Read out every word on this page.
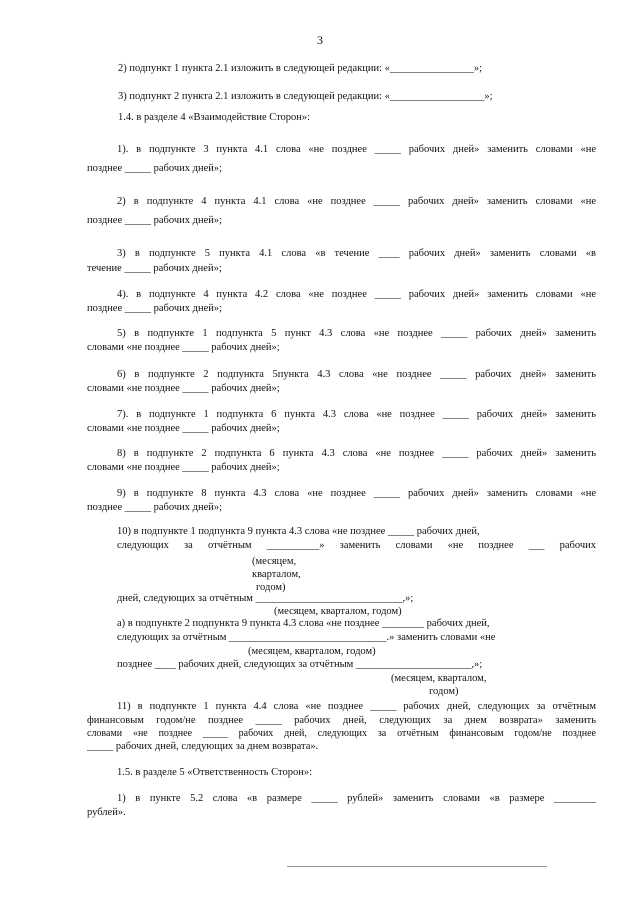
3
2) подпункт 1 пункта 2.1 изложить в следующей редакции: «________________»;
3) подпункт 2 пункта 2.1 изложить в следующей редакции: «__________________»;
1.4. в разделе 4 «Взаимодействие Сторон»:
1). в подпункте 3 пункта 4.1 слова «не позднее _____ рабочих дней» заменить словами «не
позднее _____ рабочих дней»;
2) в подпункте 4 пункта 4.1 слова «не позднее _____ рабочих дней» заменить словами «не
позднее _____ рабочих дней»;
3) в подпункте 5 пункта 4.1 слова «в течение ____ рабочих дней» заменить словами «в
течение _____ рабочих дней»;
4). в подпункте 4 пункта 4.2 слова «не позднее _____ рабочих дней» заменить словами «не
позднее _____ рабочих дней»;
5) в подпункте 1 подпункта 5 пункт 4.3 слова «не позднее _____ рабочих дней» заменить
словами «не позднее _____ рабочих дней»;
6) в подпункте 2 подпункта 5пункта 4.3 слова «не позднее _____ рабочих дней» заменить
словами «не позднее _____ рабочих дней»;
7). в подпункте 1 подпункта 6 пункта 4.3 слова «не позднее _____ рабочих дней» заменить
словами «не позднее _____ рабочих дней»;
8) в подпункте 2 подпункта 6 пункта 4.3 слова «не позднее _____ рабочих дней» заменить
словами «не позднее _____ рабочих дней»;
9) в подпункте 8 пункта 4.3 слова «не позднее _____ рабочих дней» заменить словами «не
позднее _____ рабочих дней»;
10) в подпункте 1 подпункта 9 пункта 4.3 слова «не позднее _____ рабочих дней,
следующих за отчётным __________» заменить словами «не позднее ___ рабочих
(месяцем,
кварталом,
годом)
дней, следующих за отчётным ____________________________,»;
(месяцем, кварталом, годом)
а) в подпункте 2 подпункта 9 пункта 4.3 слова «не позднее ________ рабочих дней,
следующих за отчётным ______________________________.» заменить словами «не
(месяцем, кварталом, годом)
позднее ____ рабочих дней, следующих за отчётным ______________________,»;
(месяцем, кварталом,
годом)
11) в подпункте 1 пункта 4.4 слова «не позднее _____ рабочих дней, следующих за отчётным
финансовым годом/не позднее _____ рабочих дней, следующих за днем возврата» заменить
словами «не позднее _____ рабочих дней, следующих за отчётным финансовым годом/не позднее
_____ рабочих дней, следующих за днем возврата».
1.5. в разделе 5 «Ответственность Сторон»:
1) в пункте 5.2 слова «в размере _____ рублей» заменить словами «в размере ________
рублей».
